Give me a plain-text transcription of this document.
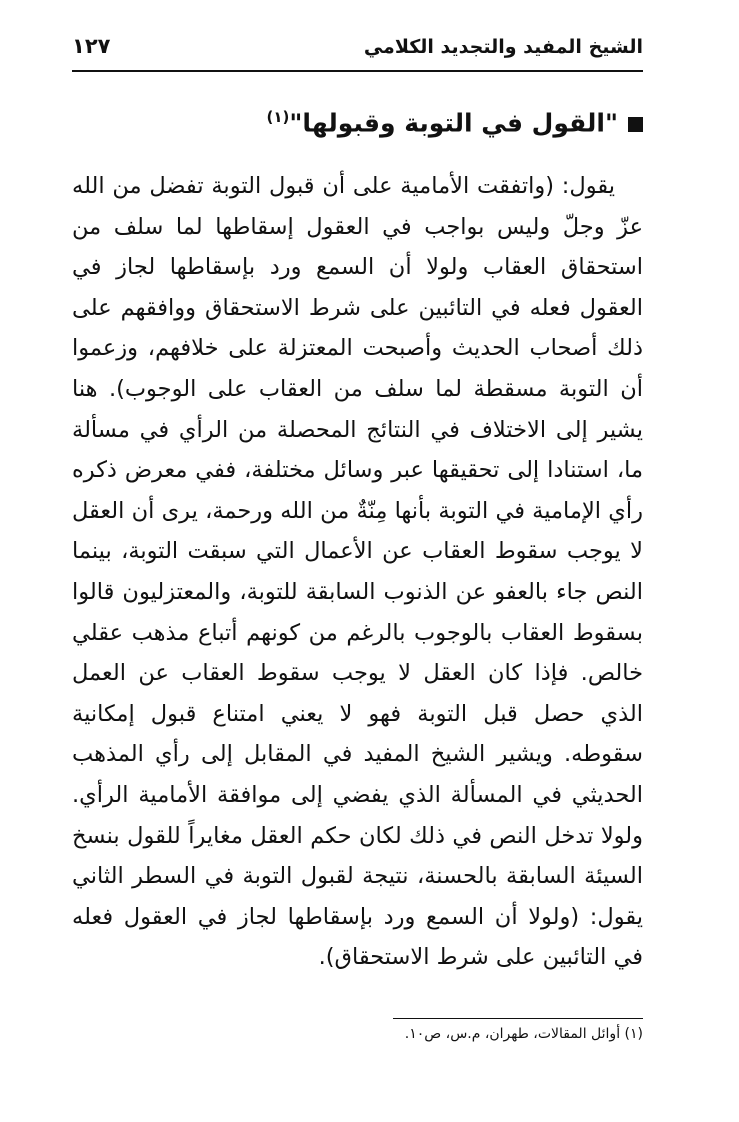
الشيخ المفيد والتجديد الكلامي
١٢٧
"القول في التوبة وقبولها"$^{(١)}$

يقول: (واتفقت الأمامية على أن قبول التوبة تفضل من الله عزّ وجلّ وليس بواجب في العقول إسقاطها لما سلف من استحقاق العقاب ولولا أن السمع ورد بإسقاطها لجاز في العقول فعله في التائبين على شرط الاستحقاق ووافقهم على ذلك أصحاب الحديث وأصبحت المعتزلة على خلافهم، وزعموا أن التوبة مسقطة لما سلف من العقاب على الوجوب). هنا يشير إلى الاختلاف في النتائج المحصلة من الرأي في مسألة ما، استنادا إلى تحقيقها عبر وسائل مختلفة، ففي معرض ذكره رأي الإمامية في التوبة بأنها مِنّةٌ من الله ورحمة، يرى أن العقل لا يوجب سقوط العقاب عن الأعمال التي سبقت التوبة، بينما النص جاء بالعفو عن الذنوب السابقة للتوبة، والمعتزليون قالوا بسقوط العقاب بالوجوب بالرغم من كونهم أتباع مذهب عقلي خالص. فإذا كان العقل لا يوجب سقوط العقاب عن العمل الذي حصل قبل التوبة فهو لا يعني امتناع قبول إمكانية سقوطه. ويشير الشيخ المفيد في المقابل إلى رأي المذهب الحديثي في المسألة الذي يفضي إلى موافقة الأمامية الرأي. ولولا تدخل النص في ذلك لكان حكم العقل مغايراً للقول بنسخ السيئة السابقة بالحسنة، نتيجة لقبول التوبة في السطر الثاني يقول: (ولولا أن السمع ورد بإسقاطها لجاز في العقول فعله في التائبين على شرط الاستحقاق).

(١) أوائل المقالات، طهران، م.س، ص١٠.
